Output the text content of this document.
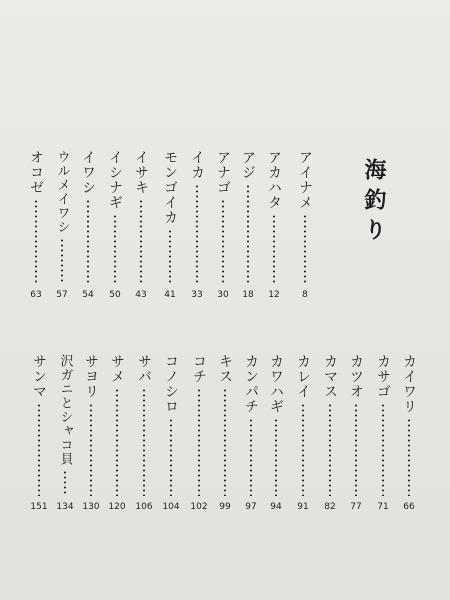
海釣り
アイナメ
8
アカハタ
12
アジ
18
アナゴ
30
イカ
33
モンゴイカ
41
イサキ
43
イシナギ
50
イワシ
54
ウルメイワシ
57
オコゼ
63
カイワリ
66
カサゴ
71
カツオ
77
カマス
82
カレイ
91
カワハギ
94
カンパチ
97
キス
99
コチ
102
コノシロ
104
サバ
106
サメ
120
サヨリ
130
沢ガニとシャコ貝
134
サンマ
151
